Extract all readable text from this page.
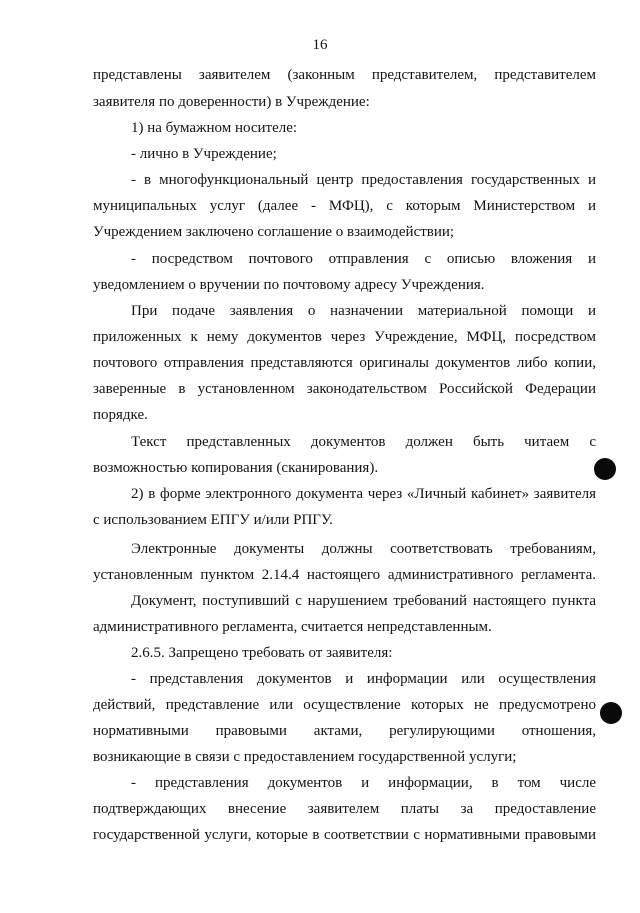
16
представлены заявителем (законным представителем, представителем
заявителя по доверенности) в Учреждение:
1) на бумажном носителе:
- лично в Учреждение;
- в многофункциональный центр предоставления государственных и
муниципальных услуг (далее - МФЦ), с которым Министерством и
Учреждением заключено соглашение о взаимодействии;
- посредством почтового отправления с описью вложения и
уведомлением о вручении по почтовому адресу Учреждения.
При подаче заявления о назначении материальной помощи и
приложенных к нему документов через Учреждение, МФЦ, посредством
почтового отправления представляются оригиналы документов либо копии,
заверенные в установленном законодательством Российской Федерации
порядке.
Текст представленных документов должен быть читаем с
возможностью копирования (сканирования).
2) в форме электронного документа через «Личный кабинет» заявителя
с использованием ЕПГУ и/или РПГУ.
Электронные документы должны соответствовать требованиям,
установленным пунктом 2.14.4 настоящего административного регламента.
Документ, поступивший с нарушением требований настоящего пункта
административного регламента, считается непредставленным.
2.6.5. Запрещено требовать от заявителя:
- представления документов и информации или осуществления
действий, представление или осуществление которых не предусмотрено
нормативными правовыми актами, регулирующими отношения,
возникающие в связи с предоставлением государственной услуги;
- представления документов и информации, в том числе
подтверждающих внесение заявителем платы за предоставление
государственной услуги, которые в соответствии с нормативными правовыми
